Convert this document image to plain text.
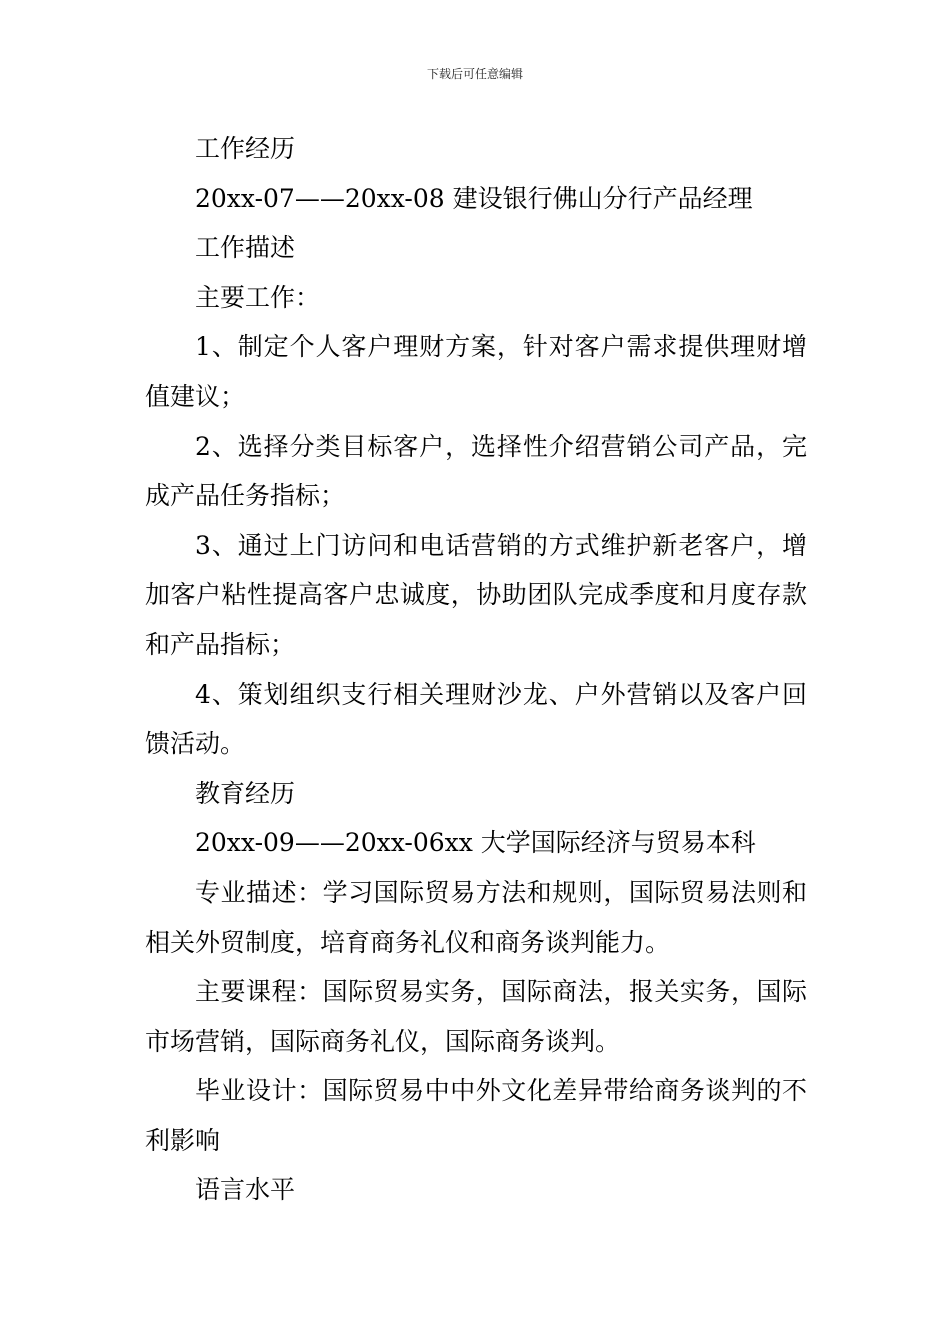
下载后可任意编辑

工作经历

20xx-07——20xx-08 建设银行佛山分行产品经理

工作描述

主要工作：

1、制定个人客户理财方案，针对客户需求提供理财增值建议；

2、选择分类目标客户，选择性介绍营销公司产品，完成产品任务指标；

3、通过上门访问和电话营销的方式维护新老客户，增加客户粘性提高客户忠诚度，协助团队完成季度和月度存款和产品指标；

4、策划组织支行相关理财沙龙、户外营销以及客户回馈活动。

教育经历

20xx-09——20xx-06xx 大学国际经济与贸易本科

专业描述：学习国际贸易方法和规则，国际贸易法则和相关外贸制度，培育商务礼仪和商务谈判能力。

主要课程：国际贸易实务，国际商法，报关实务，国际市场营销，国际商务礼仪，国际商务谈判。

毕业设计：国际贸易中中外文化差异带给商务谈判的不利影响

语言水平
